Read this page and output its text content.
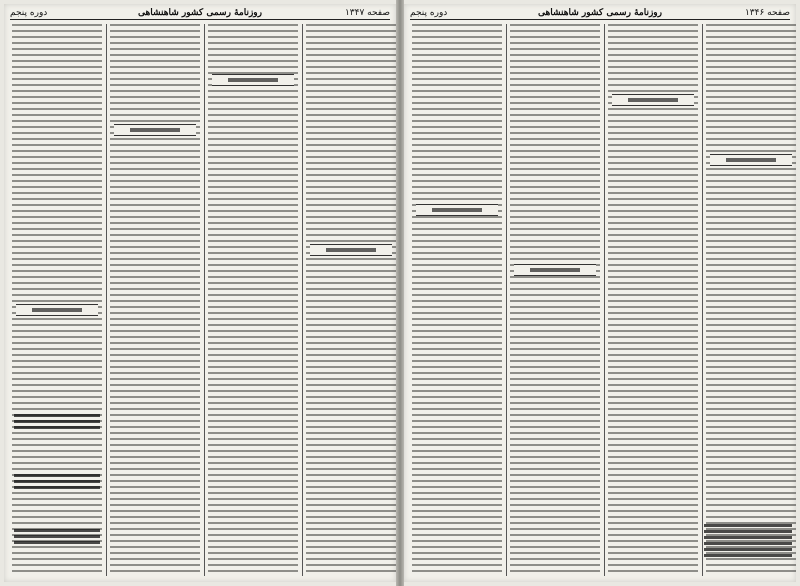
صفحه ۱۳۴۷
روزنامهٔ رسمی کشور شاهنشاهی
دوره پنجم	صفحه ۱۳۴۶
روزنامهٔ رسمی کشور شاهنشاهی
دوره پنجم
